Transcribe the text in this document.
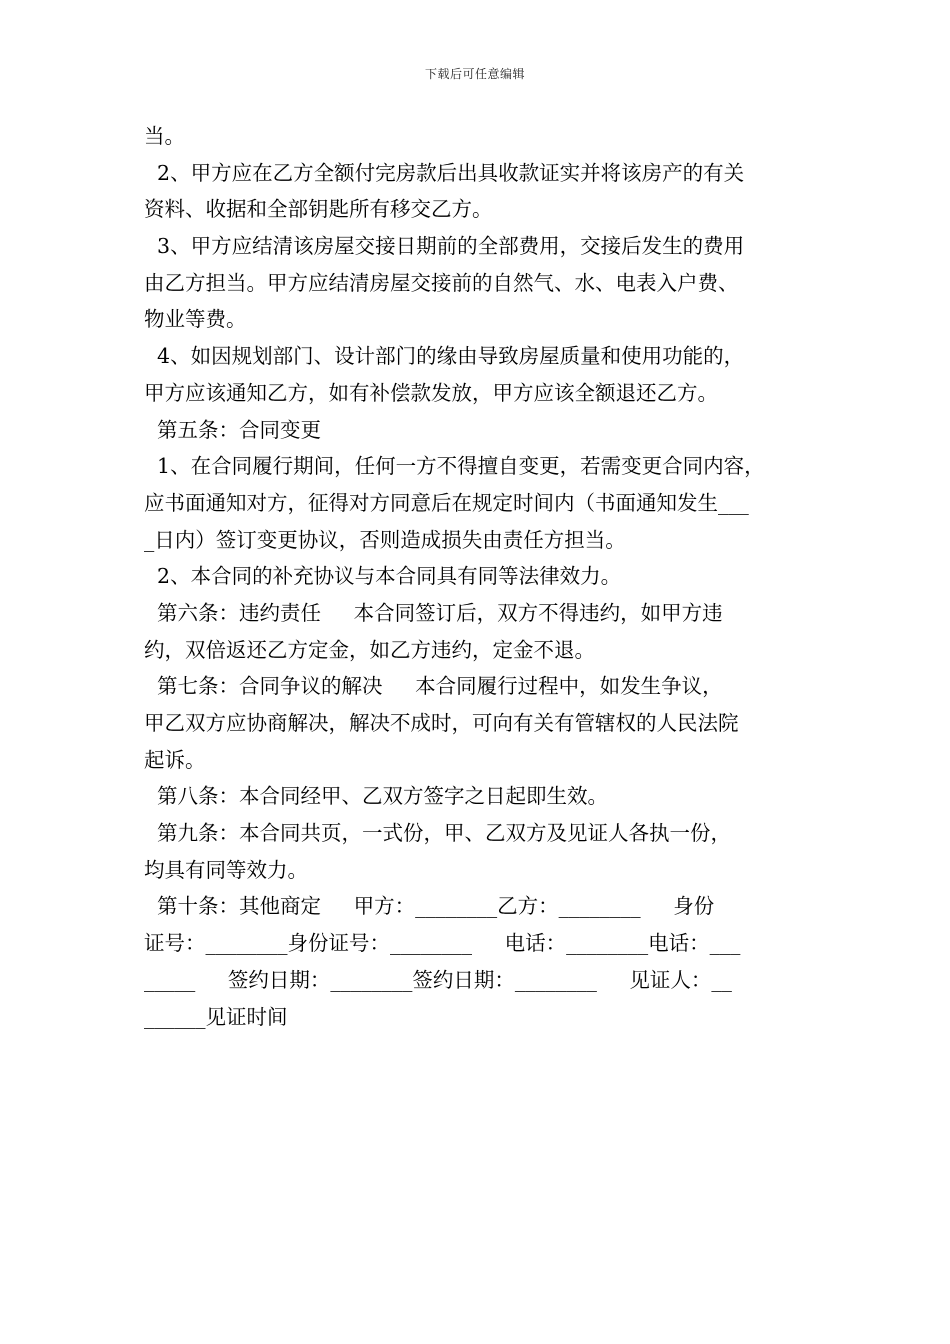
下载后可任意编辑
当。
2、甲方应在乙方全额付完房款后出具收款证实并将该房产的有关
资料、收据和全部钥匙所有移交乙方。
3、甲方应结清该房屋交接日期前的全部费用，交接后发生的费用
由乙方担当。甲方应结清房屋交接前的自然气、水、电表入户费、
物业等费。
4、如因规划部门、设计部门的缘由导致房屋质量和使用功能的，
甲方应该通知乙方，如有补偿款发放，甲方应该全额退还乙方。
第五条：合同变更
1、在合同履行期间，任何一方不得擅自变更，若需变更合同内容，
应书面通知对方，征得对方同意后在规定时间内（书面通知发生___
_日内）签订变更协议，否则造成损失由责任方担当。
2、本合同的补充协议与本合同具有同等法律效力。
第六条：违约责任     本合同签订后，双方不得违约，如甲方违
约，双倍返还乙方定金，如乙方违约，定金不退。
第七条：合同争议的解决     本合同履行过程中，如发生争议，
甲乙双方应协商解决，解决不成时，可向有关有管辖权的人民法院
起诉。
第八条：本合同经甲、乙双方签字之日起即生效。
第九条：本合同共页，一式份，甲、乙双方及见证人各执一份，
均具有同等效力。
第十条：其他商定     甲方：________乙方：________     身份
证号：________身份证号：________     电话：________电话：___
_____     签约日期：________签约日期：________     见证人：__
______见证时间
